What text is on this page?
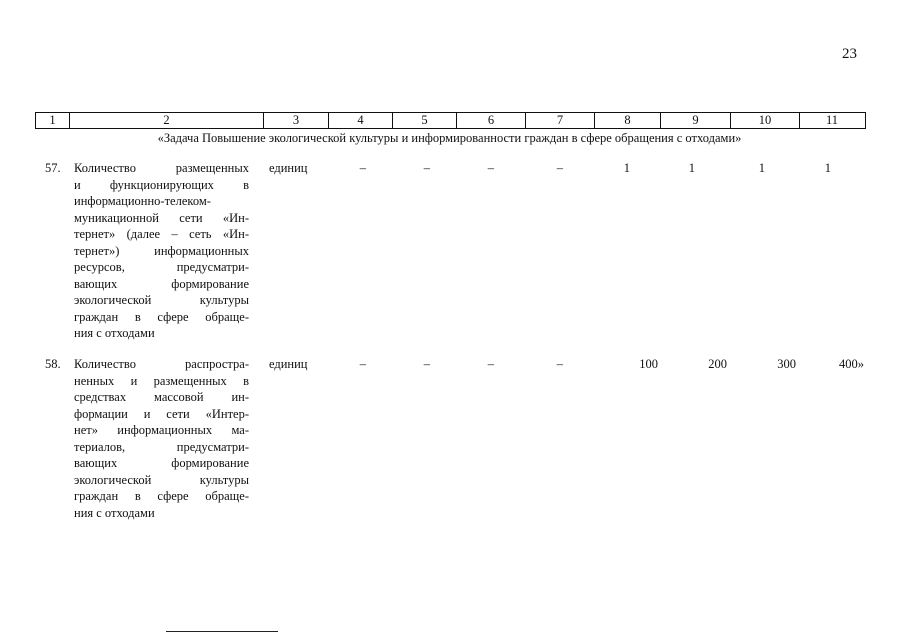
23
1	2	3	4	5	6	7	8	9	10	11
«Задача Повышение экологической культуры и информированности граждан в сфере обращения с отходами»
57. Количество размещенных
и функционирующих в
информационно-телеком-
муникационной сети «Ин-
тернет» (далее – сеть «Ин-
тернет») информационных
ресурсов, предусматри-
вающих формирование
экологической культуры
граждан в сфере обраще-
ния с отходами
единиц	–	–	–	–	1	1	1	1
58. Количество распростра-
ненных и размещенных в
средствах массовой ин-
формации и сети «Интер-
нет» информационных ма-
териалов, предусматри-
вающих формирование
экологической культуры
граждан в сфере обраще-
ния с отходами
единиц	–	–	–	–	100	200	300	400»
